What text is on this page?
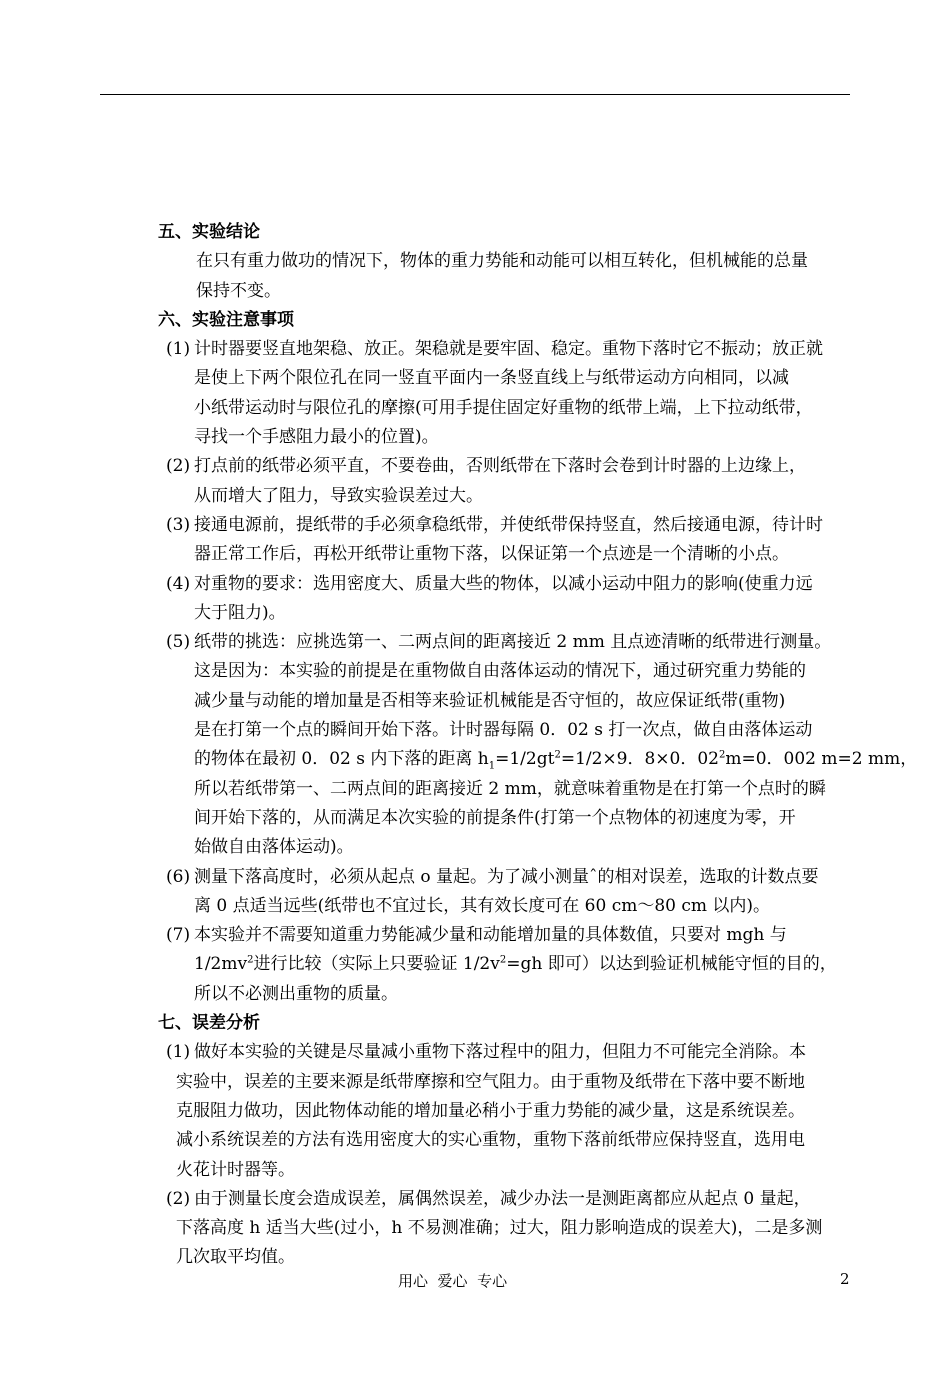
五、实验结论

在只有重力做功的情况下，物体的重力势能和动能可以相互转化，但机械能的总量
保持不变。

六、实验注意事项

(1) 计时器要竖直地架稳、放正。架稳就是要牢固、稳定。重物下落时它不振动；放正就
是使上下两个限位孔在同一竖直平面内一条竖直线上与纸带运动方向相同，以减
小纸带运动时与限位孔的摩擦(可用手提住固定好重物的纸带上端，上下拉动纸带，
寻找一个手感阻力最小的位置)。
(2) 打点前的纸带必须平直，不要卷曲，否则纸带在下落时会卷到计时器的上边缘上，
从而增大了阻力，导致实验误差过大。
(3) 接通电源前，提纸带的手必须拿稳纸带，并使纸带保持竖直，然后接通电源，待计时
器正常工作后，再松开纸带让重物下落，以保证第一个点迹是一个清晰的小点。
(4) 对重物的要求：选用密度大、质量大些的物体，以减小运动中阻力的影响(使重力远
大于阻力)。
(5) 纸带的挑选：应挑选第一、二两点间的距离接近 2 mm 且点迹清晰的纸带进行测量。
这是因为：本实验的前提是在重物做自由落体运动的情况下，通过研究重力势能的
减少量与动能的增加量是否相等来验证机械能是否守恒的，故应保证纸带(重物)
是在打第一个点的瞬间开始下落。计时器每隔 0．02 s 打一次点，做自由落体运动
的物体在最初 0．02 s 内下落的距离 $h_1=1/2gt^2=1/2\times 9$．8×0．$02^2m=0$．002 m=2 mm，
所以若纸带第一、二两点间的距离接近 2 mm，就意味着重物是在打第一个点时的瞬
间开始下落的，从而满足本次实验的前提条件(打第一个点物体的初速度为零，开
始做自由落体运动)。
(6) 测量下落高度时，必须从起点 o 量起。为了减小测量ˆ的相对误差，选取的计数点要
离 0 点适当远些(纸带也不宜过长，其有效长度可在 60 cm～80 cm 以内)。
(7) 本实验并不需要知道重力势能减少量和动能增加量的具体数值，只要对 mgh 与
$1/2mv^2$进行比较（实际上只要验证 $1/2v^2=gh$ 即可）以达到验证机械能守恒的目的，
所以不必测出重物的质量。

七、误差分析

(1) 做好本实验的关键是尽量减小重物下落过程中的阻力，但阻力不可能完全消除。本
实验中，误差的主要来源是纸带摩擦和空气阻力。由于重物及纸带在下落中要不断地
克服阻力做功，因此物体动能的增加量必稍小于重力势能的减少量，这是系统误差。
减小系统误差的方法有选用密度大的实心重物，重物下落前纸带应保持竖直，选用电
火花计时器等。
(2) 由于测量长度会造成误差，属偶然误差，减少办法一是测距离都应从起点 0 量起，
下落高度 h 适当大些(过小，h 不易测准确；过大，阻力影响造成的误差大)，二是多测
几次取平均值。
用心  爱心  专心	2
